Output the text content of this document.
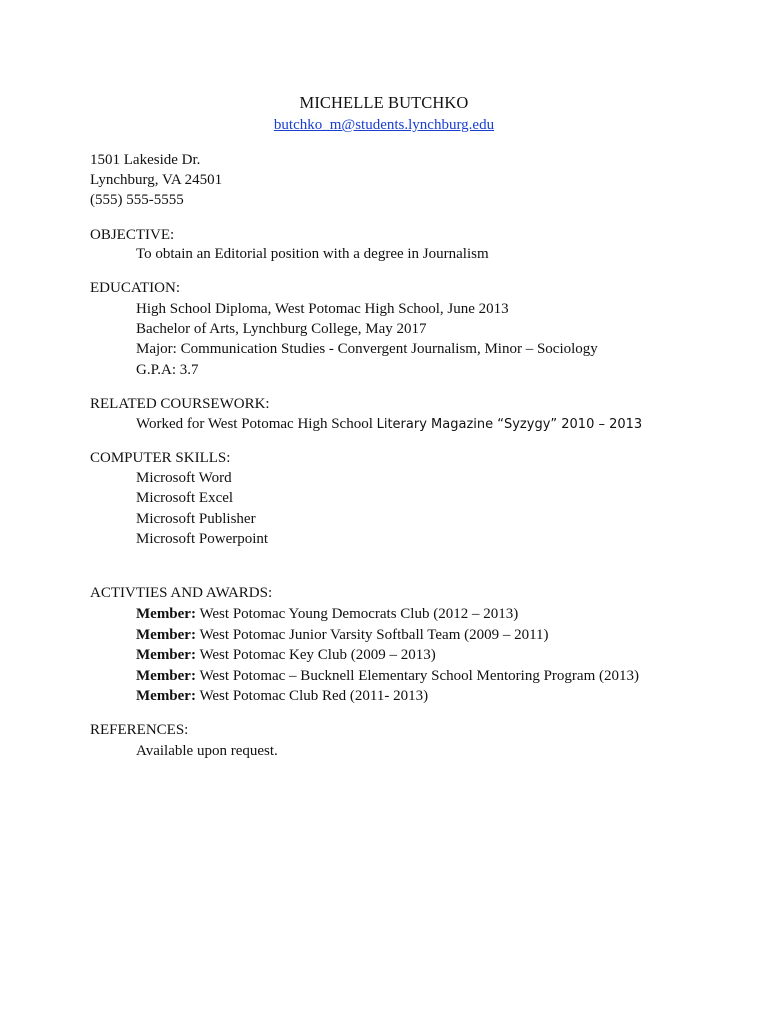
MICHELLE BUTCHKO
butchko_m@students.lynchburg.edu
1501 Lakeside Dr.
Lynchburg, VA 24501
(555) 555-5555
OBJECTIVE:
To obtain an Editorial position with a degree in Journalism
EDUCATION:
High School Diploma, West Potomac High School, June 2013
Bachelor of Arts, Lynchburg College, May 2017
Major: Communication Studies - Convergent Journalism, Minor – Sociology
G.P.A: 3.7
RELATED COURSEWORK:
Worked for West Potomac High School Literary Magazine “Syzygy” 2010 – 2013
COMPUTER SKILLS:
Microsoft Word
Microsoft Excel
Microsoft Publisher
Microsoft Powerpoint
ACTIVTIES AND AWARDS:
Member: West Potomac Young Democrats Club (2012 – 2013)
Member: West Potomac Junior Varsity Softball Team (2009 – 2011)
Member: West Potomac Key Club (2009 – 2013)
Member: West Potomac – Bucknell Elementary School Mentoring Program (2013)
Member: West Potomac Club Red (2011- 2013)
REFERENCES:
Available upon request.
